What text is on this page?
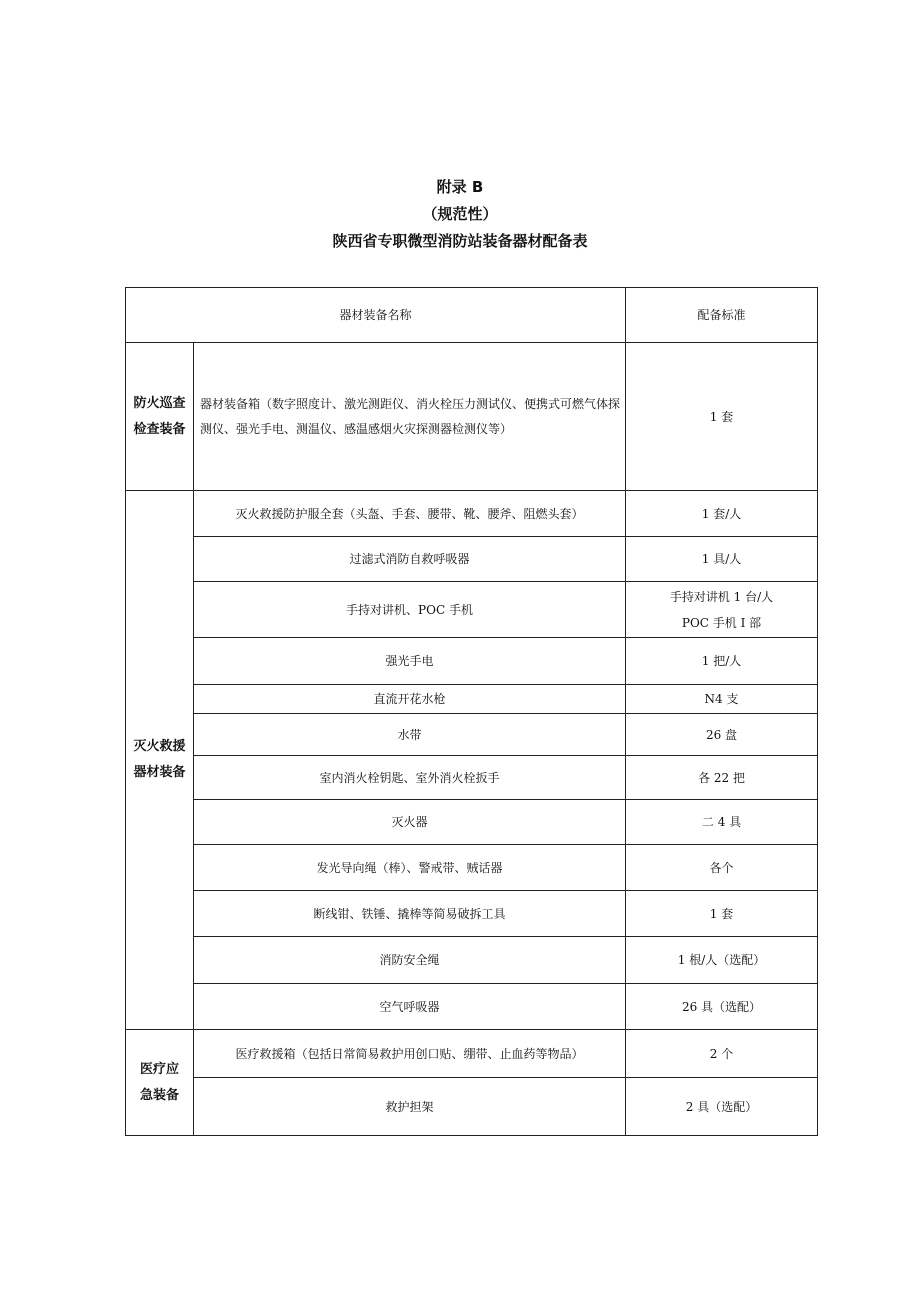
附录 B
（规范性）
陕西省专职微型消防站装备器材配备表
器材装备名称		配备标准

防火巡查
检查装备	器材装备箱（数字照度计、激光测距仪、消火栓压力测试仪、便携式可燃气体探测仪、强光手电、测温仪、感温感烟火灾探测器检测仪等）	1 套

灭火救援
器材装备	灭火救援防护服全套（头盔、手套、腰带、靴、腰斧、阻燃头套）	1 套/人
	过滤式消防自救呼吸器	1 具/人
	手持对讲机、POC 手机	手持对讲机 1 台/人
POC 手机 I 部

	强光手电	1 把/人
	直流开花水枪	N4 支
	水带	26 盘
	室内消火栓钥匙、室外消火栓扳手	各 22 把
	灭火器	二 4 具
	发光导向绳（棒）、警戒带、贼话器	各个
	断线钳、铁锤、撬棒等简易破拆工具	1 套
	消防安全绳	1 根/人（选配）
	空气呼吸器	26 具（选配）

医疗应
急装备	医疗救援箱（包括日常简易救护用创口贴、绷带、止血药等物品）	2 个
	救护担架	2 具（选配）
